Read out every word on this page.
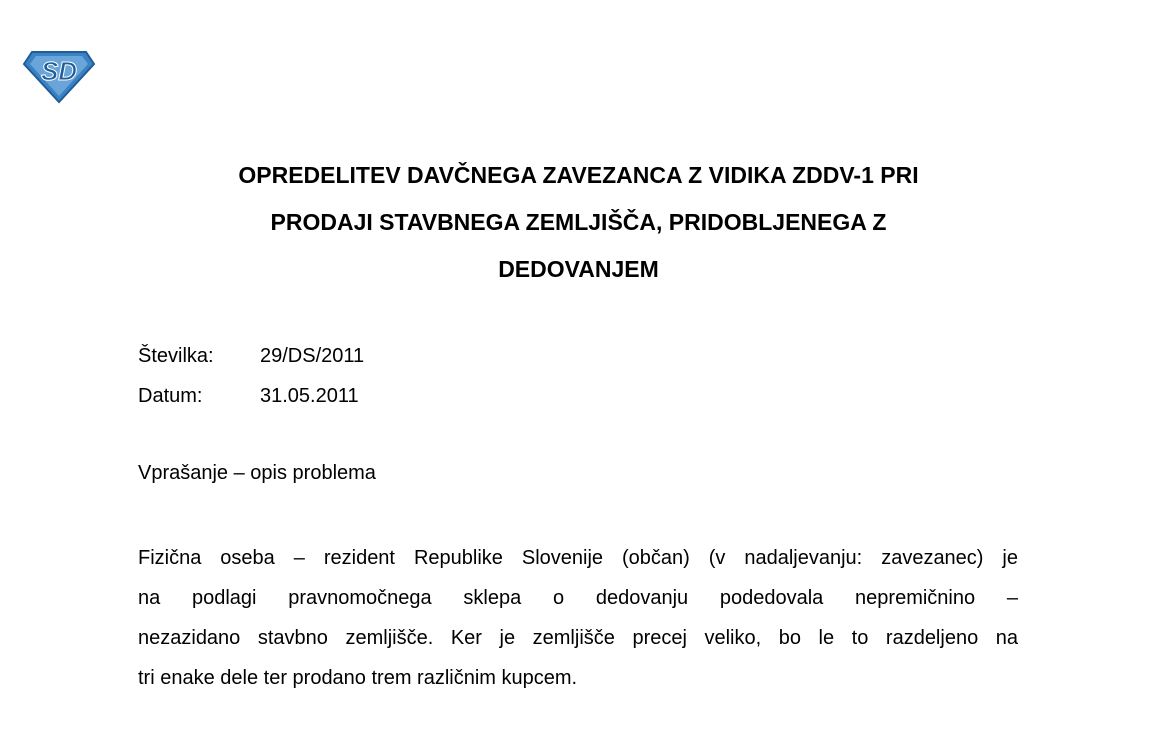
SD
OPREDELITEV DAVČNEGA ZAVEZANCA Z VIDIKA ZDDV-1 PRI
PRODAJI STAVBNEGA ZEMLJIŠČA, PRIDOBLJENEGA Z
DEDOVANJEM
Številka:	29/DS/2011
Datum:	31.05.2011
Vprašanje – opis problema
Fizična oseba – rezident Republike Slovenije (občan) (v nadaljevanju: zavezanec) je
na podlagi pravnomočnega sklepa o dedovanju podedovala nepremičnino –
nezazidano stavbno zemljišče. Ker je zemljišče precej veliko, bo le to razdeljeno na
tri enake dele ter prodano trem različnim kupcem.
